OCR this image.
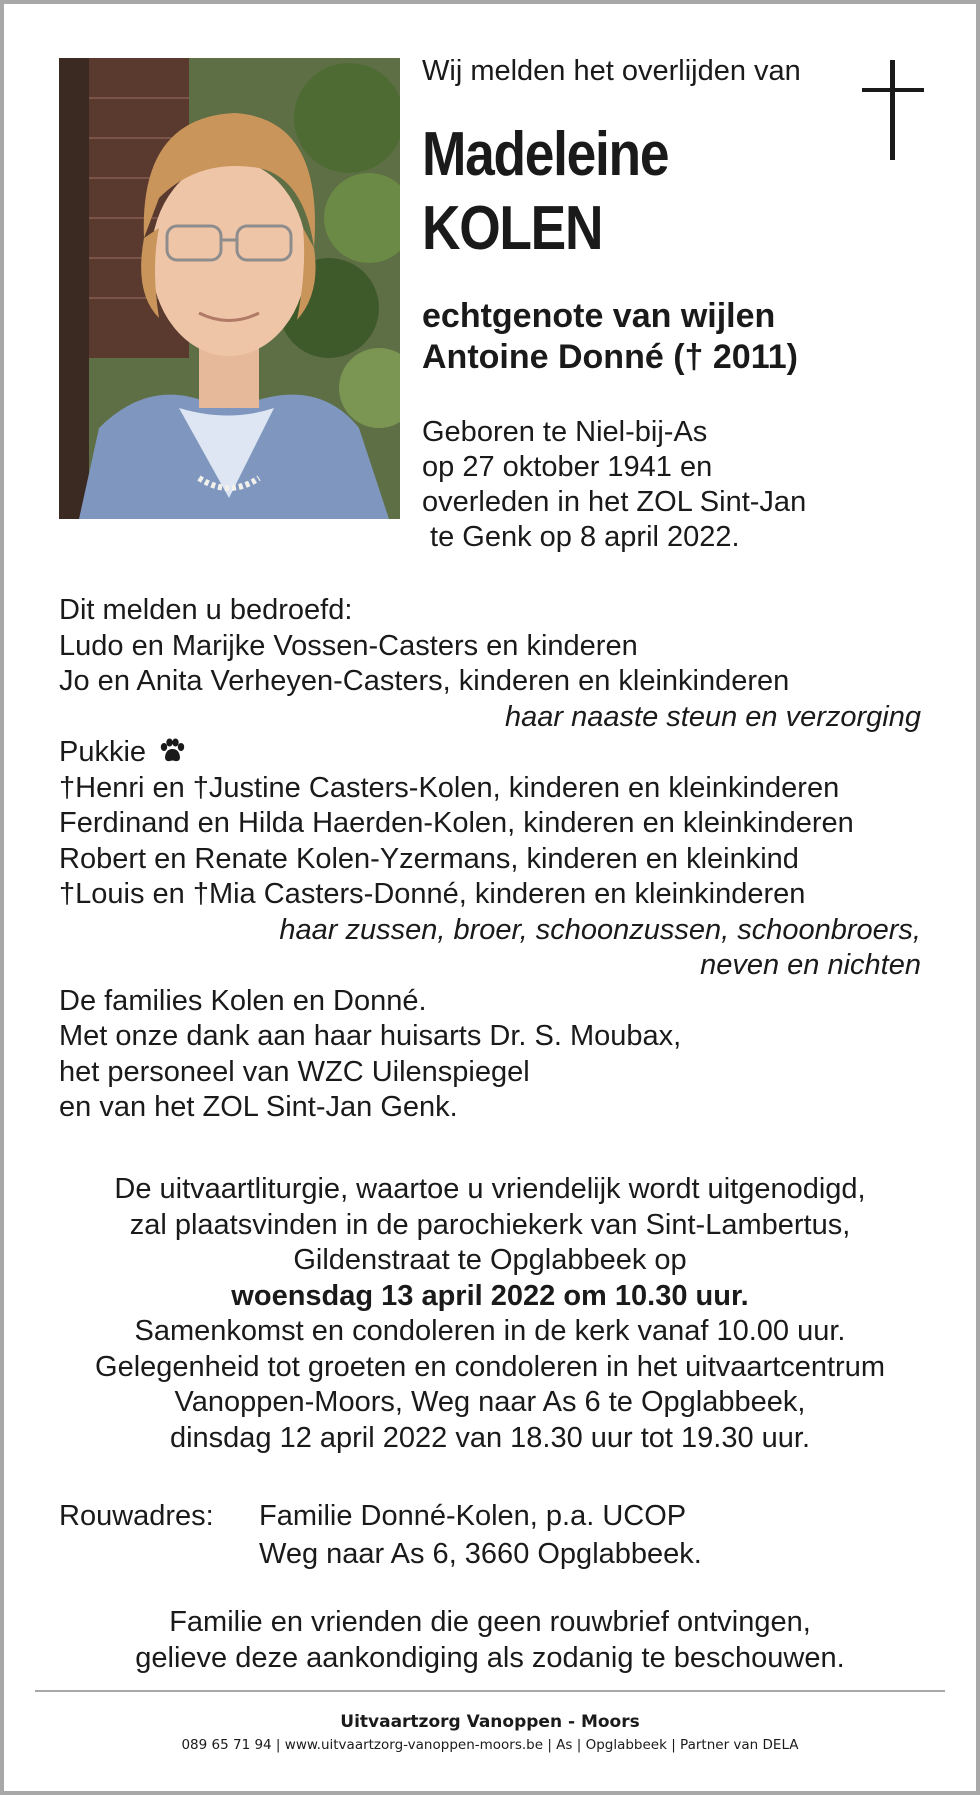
Wij melden het overlijden van
Madeleine
KOLEN
echtgenote van wijlen
Antoine Donné († 2011)
Geboren te Niel-bij-As
op 27 oktober 1941 en
overleden in het ZOL Sint-Jan
te Genk op 8 april 2022.
Dit melden u bedroefd:
Ludo en Marijke Vossen-Casters en kinderen
Jo en Anita Verheyen-Casters, kinderen en kleinkinderen
haar naaste steun en verzorging
Pukkie
†Henri en †Justine Casters-Kolen, kinderen en kleinkinderen
Ferdinand en Hilda Haerden-Kolen, kinderen en kleinkinderen
Robert en Renate Kolen-Yzermans, kinderen en kleinkind
†Louis en †Mia Casters-Donné, kinderen en kleinkinderen
haar zussen, broer, schoonzussen, schoonbroers,
neven en nichten
De families Kolen en Donné.
Met onze dank aan haar huisarts Dr. S. Moubax,
het personeel van WZC Uilenspiegel
en van het ZOL Sint-Jan Genk.
De uitvaartliturgie, waartoe u vriendelijk wordt uitgenodigd,
zal plaatsvinden in de parochiekerk van Sint-Lambertus,
Gildenstraat te Opglabbeek op
woensdag 13 april 2022 om 10.30 uur.
Samenkomst en condoleren in de kerk vanaf 10.00 uur.
Gelegenheid tot groeten en condoleren in het uitvaartcentrum
Vanoppen-Moors, Weg naar As 6 te Opglabbeek,
dinsdag 12 april 2022 van 18.30 uur tot 19.30 uur.
Rouwadres: Familie Donné-Kolen, p.a. UCOP
Weg naar As 6, 3660 Opglabbeek.
Familie en vrienden die geen rouwbrief ontvingen,
gelieve deze aankondiging als zodanig te beschouwen.
Uitvaartzorg Vanoppen - Moors
089 65 71 94 | www.uitvaartzorg-vanoppen-moors.be | As | Opglabbeek | Partner van DELA
